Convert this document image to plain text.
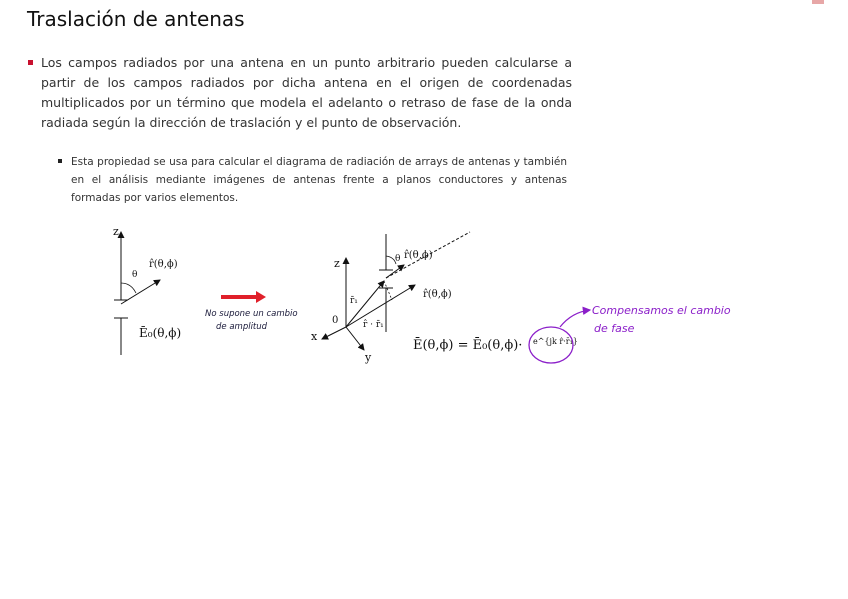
Traslación de antenas
Los campos radiados por una antena en un punto arbitrario pueden calcularse a partir de los campos radiados por dicha antena en el origen de coordenadas multiplicados por un término que modela el adelanto o retraso de fase de la onda radiada según la dirección de traslación y el punto de observación.
Esta propiedad se usa para calcular el diagrama de radiación de arrays de antenas y también en el análisis mediante imágenes de antenas frente a planos conductores y antenas formadas por varios elementos.
z
θ
r̂(θ,ϕ)
Ē₀(θ,ϕ)
No supone un cambio
de amplitud
z
x
y
0
θ r̂(θ,ϕ)
r̂(θ,ϕ)
r̄₁
r̂ · r̄₁
Ē(θ,ϕ) = Ē₀(θ,ϕ)· e^{jk r̂·r̄₁}
Compensamos el cambio
de fase
